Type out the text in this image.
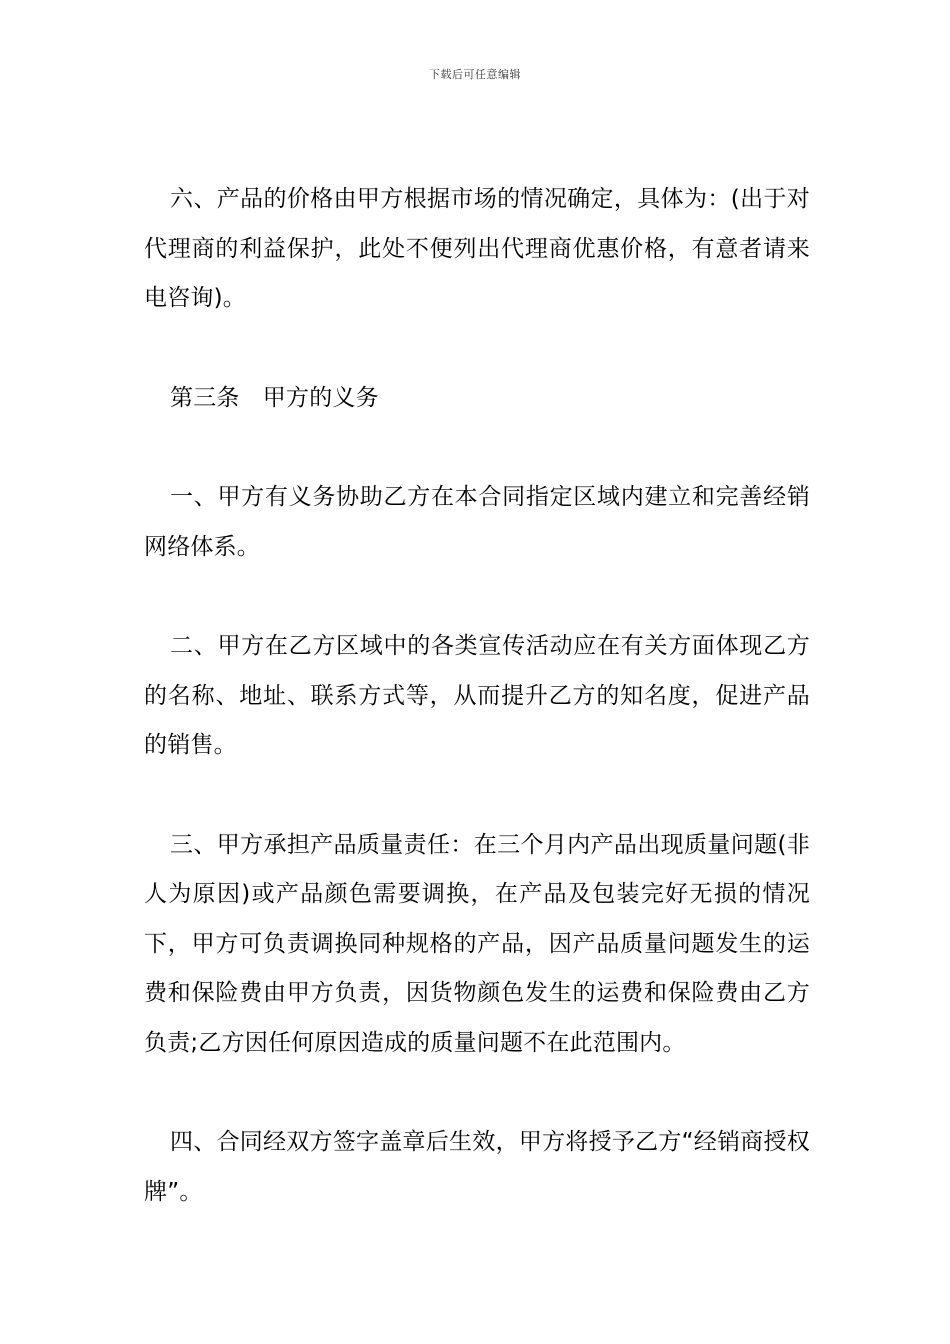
下载后可任意编辑

六、产品的价格由甲方根据市场的情况确定，具体为：(出于对代理商的利益保护，此处不便列出代理商优惠价格，有意者请来电咨询)。

第三条　甲方的义务

一、甲方有义务协助乙方在本合同指定区域内建立和完善经销网络体系。

二、甲方在乙方区域中的各类宣传活动应在有关方面体现乙方的名称、地址、联系方式等，从而提升乙方的知名度，促进产品的销售。

三、甲方承担产品质量责任：在三个月内产品出现质量问题(非人为原因)或产品颜色需要调换，在产品及包装完好无损的情况下，甲方可负责调换同种规格的产品，因产品质量问题发生的运费和保险费由甲方负责，因货物颜色发生的运费和保险费由乙方负责;乙方因任何原因造成的质量问题不在此范围内。

四、合同经双方签字盖章后生效，甲方将授予乙方“经销商授权牌”。
